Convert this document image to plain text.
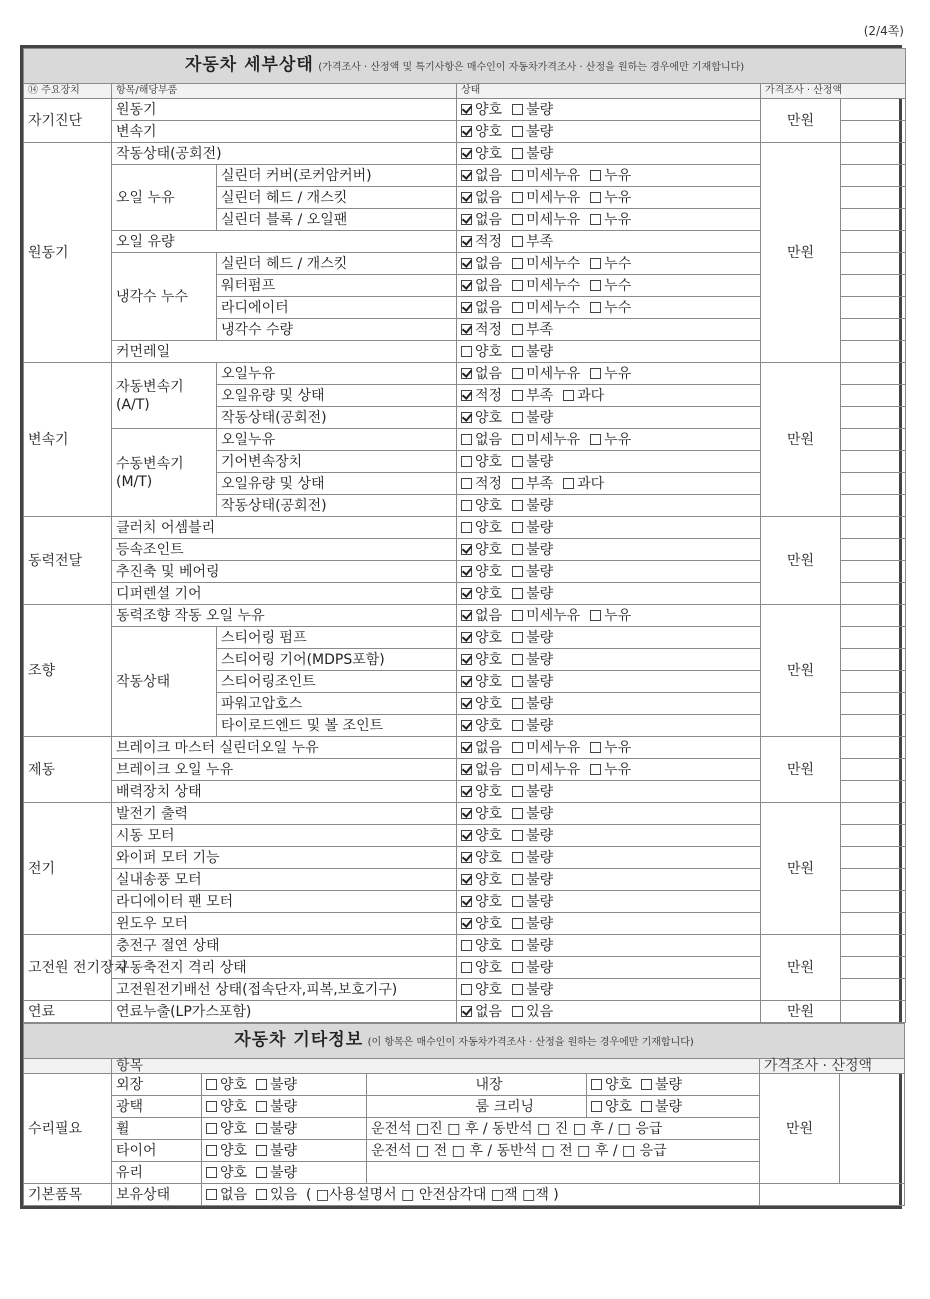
(2/4쪽)
자동차 세부상태 (가격조사 · 산정액 및 특기사항은 매수인이 자동차가격조사 · 산정을 원하는 경우에만 기재합니다)					
⑭ 주요장치	항목/해당부품		상태	가격조사 · 산정액	
자기진단	원동기		양호 불량	만원	
	변속기		양호 불량		
원동기	작동상태(공회전)		양호 불량	만원	
	오일 누유	실린더 커버(로커암커버)	없음 미세누유 누유		
		실린더 헤드 / 개스킷	없음 미세누유 누유		
		실린더 블록 / 오일팬	없음 미세누유 누유		
	오일 유량		적정 부족		
	냉각수 누수	실린더 헤드 / 개스킷	없음 미세누수 누수		
		워터펌프	없음 미세누수 누수		
		라디에이터	없음 미세누수 누수		
		냉각수 수량	적정 부족		
	커먼레일		양호 불량		
변속기	자동변속기 (A/T)	오일누유	없음 미세누유 누유	만원	
		오일유량 및 상태	적정 부족 과다		
		작동상태(공회전)	양호 불량		
	수동변속기 (M/T)	오일누유	없음 미세누유 누유		
		기어변속장치	양호 불량		
		오일유량 및 상태	적정 부족 과다		
		작동상태(공회전)	양호 불량		
동력전달	클러치 어셈블리		양호 불량	만원	
	등속조인트		양호 불량		
	추진축 및 베어링		양호 불량		
	디퍼렌셜 기어		양호 불량		
조향	동력조향 작동 오일 누유		없음 미세누유 누유	만원	
	작동상태	스티어링 펌프	양호 불량		
		스티어링 기어(MDPS포함)	양호 불량		
		스티어링조인트	양호 불량		
		파워고압호스	양호 불량		
		타이로드엔드 및 볼 조인트	양호 불량		
제동	브레이크 마스터 실린더오일 누유		없음 미세누유 누유	만원	
	브레이크 오일 누유		없음 미세누유 누유		
	배력장치 상태		양호 불량		
전기	발전기 출력		양호 불량	만원	
	시동 모터		양호 불량		
	와이퍼 모터 기능		양호 불량		
	실내송풍 모터		양호 불량		
	라디에이터 팬 모터		양호 불량		
	윈도우 모터		양호 불량		
고전원 전기장치	충전구 절연 상태		양호 불량	만원	
	구동축전지 격리 상태		양호 불량		
	고전원전기배선 상태(접속단자,피복,보호기구)		양호 불량		
연료	연료누출(LP가스포함)		없음 있음	만원	
자동차 기타정보 (이 항목은 매수인이 자동차가격조사 · 산정을 원하는 경우에만 기재합니다)							
	항목					가격조사 · 산정액	
수리필요	외장	양호 불량		내장	양호 불량	만원	
	광택	양호 불량		룸 크리닝	양호 불량		
	휠	양호 불량	운전석 □진 □ 후 / 동반석 □ 진 □ 후 / □ 응급				
	타이어	양호 불량	운전석 □ 전 □ 후 / 동반석 □ 전 □ 후 / □ 응급				
	유리	양호 불량					
기본품목	보유상태	없음 있음 ( □사용설명서 □ 안전삼각대 □잭 □잭 )					
